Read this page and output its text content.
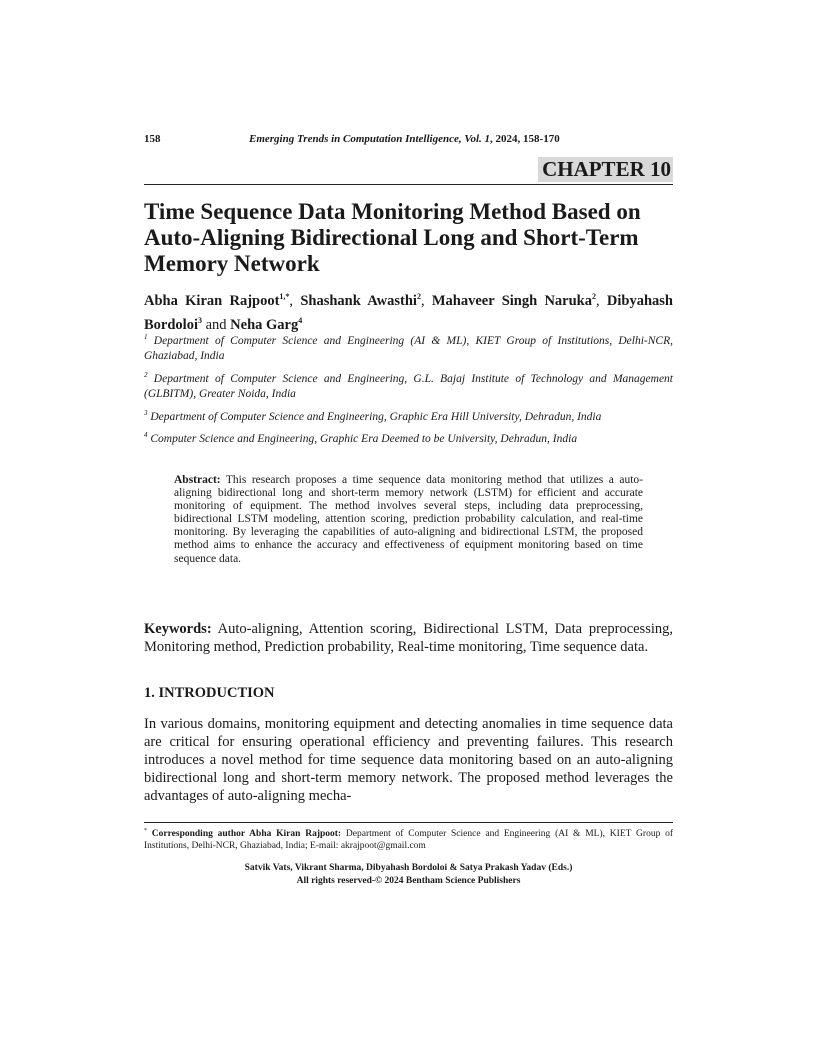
158	Emerging Trends in Computation Intelligence, Vol. 1, 2024, 158-170
CHAPTER 10
Time Sequence Data Monitoring Method Based on Auto-Aligning Bidirectional Long and Short-Term Memory Network
Abha Kiran Rajpoot$^{1,*}$, Shashank Awasthi$^2$, Mahaveer Singh Naruka$^2$, Dibyahash Bordoloi$^3$ and Neha Garg$^4$

$^1$ Department of Computer Science and Engineering (AI & ML), KIET Group of Institutions, Delhi-NCR, Ghaziabad, India

$^2$ Department of Computer Science and Engineering, G.L. Bajaj Institute of Technology and Management (GLBITM), Greater Noida, India

$^3$ Department of Computer Science and Engineering, Graphic Era Hill University, Dehradun, India

$^4$ Computer Science and Engineering, Graphic Era Deemed to be University, Dehradun, India

Abstract: This research proposes a time sequence data monitoring method that utilizes a auto-aligning bidirectional long and short-term memory network (LSTM) for efficient and accurate monitoring of equipment. The method involves several steps, including data preprocessing, bidirectional LSTM modeling, attention scoring, prediction probability calculation, and real-time monitoring. By leveraging the capabilities of auto-aligning and bidirectional LSTM, the proposed method aims to enhance the accuracy and effectiveness of equipment monitoring based on time sequence data.
Keywords: Auto-aligning, Attention scoring, Bidirectional LSTM, Data preprocessing, Monitoring method, Prediction probability, Real-time monitoring, Time sequence data.
1. INTRODUCTION
In various domains, monitoring equipment and detecting anomalies in time sequence data are critical for ensuring operational efficiency and preventing failures. This research introduces a novel method for time sequence data monitoring based on an auto-aligning bidirectional long and short-term memory network. The proposed method leverages the advantages of auto-aligning mecha-
* Corresponding author Abha Kiran Rajpoot: Department of Computer Science and Engineering (AI & ML), KIET Group of Institutions, Delhi-NCR, Ghaziabad, India; E-mail: akrajpoot@gmail.com
Satvik Vats, Vikrant Sharma, Dibyahash Bordoloi & Satya Prakash Yadav (Eds.)
All rights reserved-© 2024 Bentham Science Publishers
